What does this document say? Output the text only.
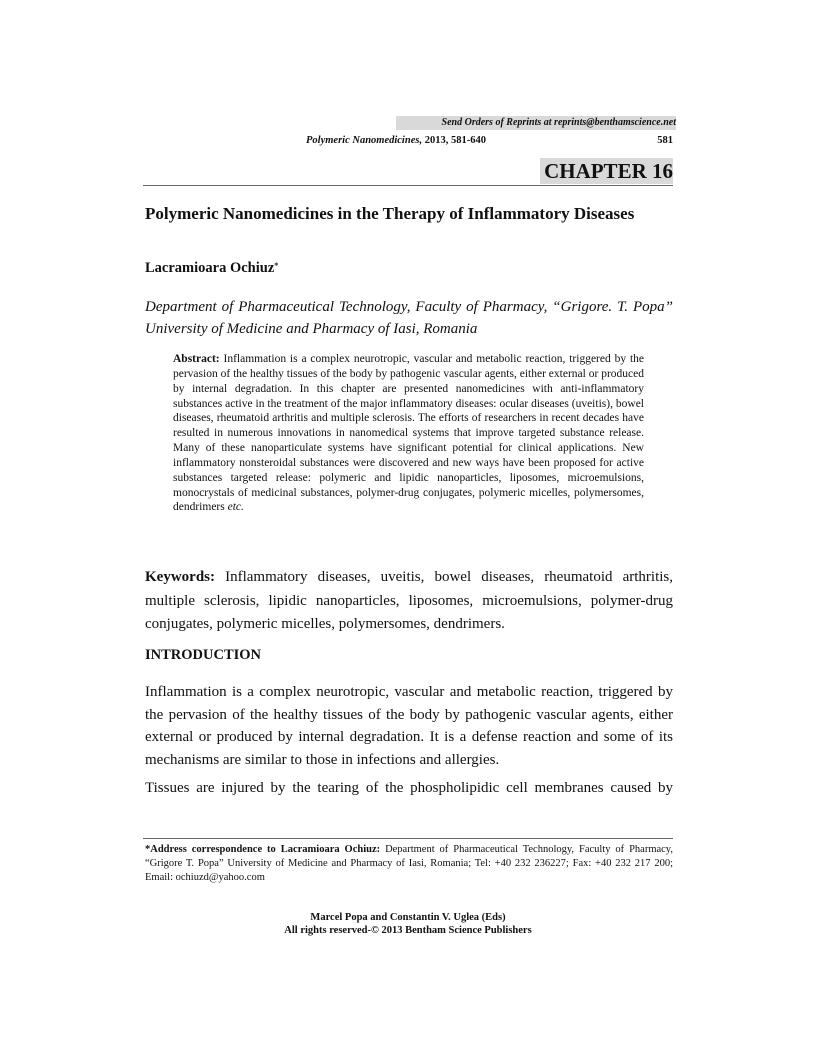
Send Orders of Reprints at reprints@benthamscience.net
Polymeric Nanomedicines, 2013, 581-640	581
CHAPTER 16
Polymeric Nanomedicines in the Therapy of Inflammatory Diseases
Lacramioara Ochiuz*
Department of Pharmaceutical Technology, Faculty of Pharmacy, “Grigore. T. Popa” University of Medicine and Pharmacy of Iasi, Romania
Abstract: Inflammation is a complex neurotropic, vascular and metabolic reaction, triggered by the pervasion of the healthy tissues of the body by pathogenic vascular agents, either external or produced by internal degradation. In this chapter are presented nanomedicines with anti-inflammatory substances active in the treatment of the major inflammatory diseases: ocular diseases (uveitis), bowel diseases, rheumatoid arthritis and multiple sclerosis. The efforts of researchers in recent decades have resulted in numerous innovations in nanomedical systems that improve targeted substance release. Many of these nanoparticulate systems have significant potential for clinical applications. New inflammatory nonsteroidal substances were discovered and new ways have been proposed for active substances targeted release: polymeric and lipidic nanoparticles, liposomes, microemulsions, monocrystals of medicinal substances, polymer-drug conjugates, polymeric micelles, polymersomes, dendrimers etc.
Keywords: Inflammatory diseases, uveitis, bowel diseases, rheumatoid arthritis, multiple sclerosis, lipidic nanoparticles, liposomes, microemulsions, polymer-drug conjugates, polymeric micelles, polymersomes, dendrimers.
INTRODUCTION
Inflammation is a complex neurotropic, vascular and metabolic reaction, triggered by the pervasion of the healthy tissues of the body by pathogenic vascular agents, either external or produced by internal degradation. It is a defense reaction and some of its mechanisms are similar to those in infections and allergies.
Tissues are injured by the tearing of the phospholipidic cell membranes caused by
*Address correspondence to Lacramioara Ochiuz: Department of Pharmaceutical Technology, Faculty of Pharmacy, “Grigore T. Popa” University of Medicine and Pharmacy of Iasi, Romania; Tel: +40 232 236227; Fax: +40 232 217 200; Email: ochiuzd@yahoo.com
Marcel Popa and Constantin V. Uglea (Eds)
All rights reserved-© 2013 Bentham Science Publishers
